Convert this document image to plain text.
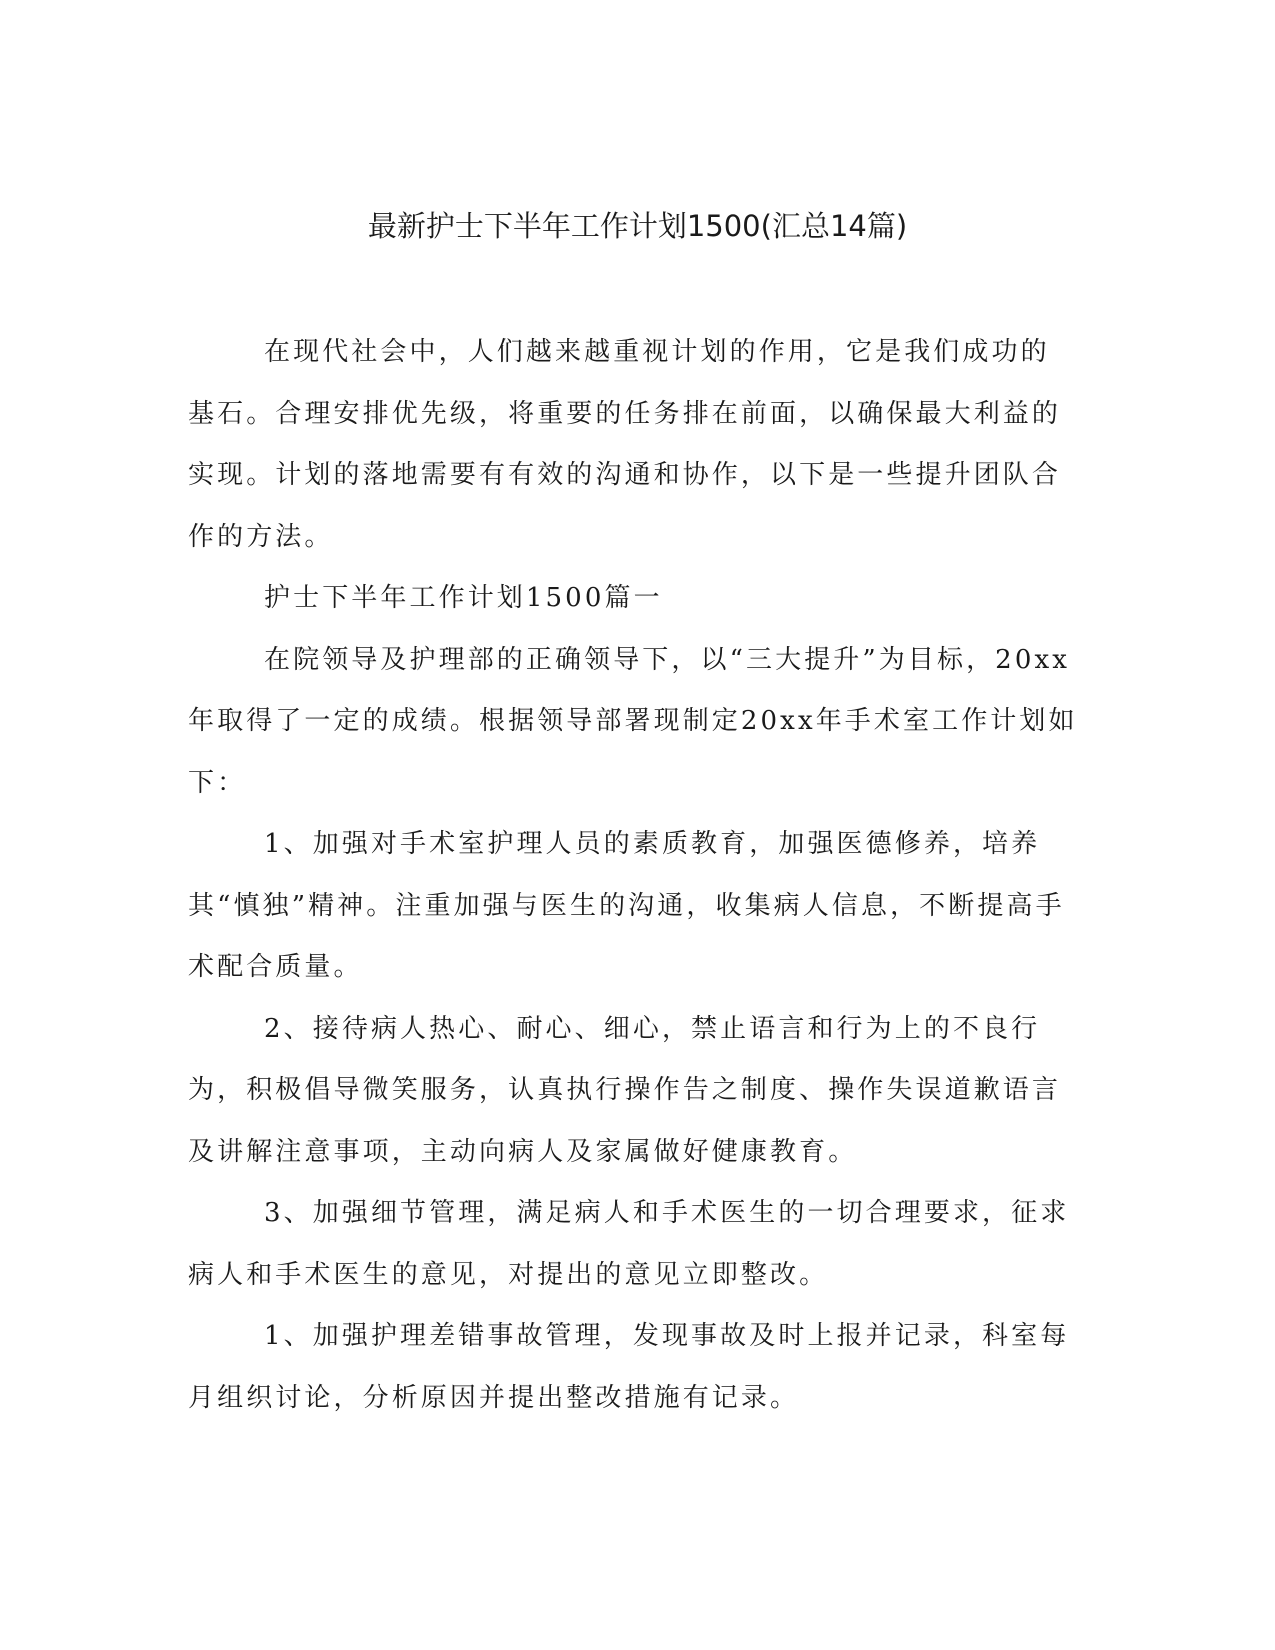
最新护士下半年工作计划1500(汇总14篇)

在现代社会中，人们越来越重视计划的作用，它是我们成功的基石。合理安排优先级，将重要的任务排在前面，以确保最大利益的实现。计划的落地需要有有效的沟通和协作，以下是一些提升团队合作的方法。

护士下半年工作计划1500篇一

在院领导及护理部的正确领导下，以“三大提升”为目标，20xx年取得了一定的成绩。根据领导部署现制定20xx年手术室工作计划如下：

1、加强对手术室护理人员的素质教育，加强医德修养，培养其“慎独”精神。注重加强与医生的沟通，收集病人信息，不断提高手术配合质量。

2、接待病人热心、耐心、细心，禁止语言和行为上的不良行为，积极倡导微笑服务，认真执行操作告之制度、操作失误道歉语言及讲解注意事项，主动向病人及家属做好健康教育。

3、加强细节管理，满足病人和手术医生的一切合理要求，征求病人和手术医生的意见，对提出的意见立即整改。

1、加强护理差错事故管理，发现事故及时上报并记录，科室每月组织讨论，分析原因并提出整改措施有记录。
